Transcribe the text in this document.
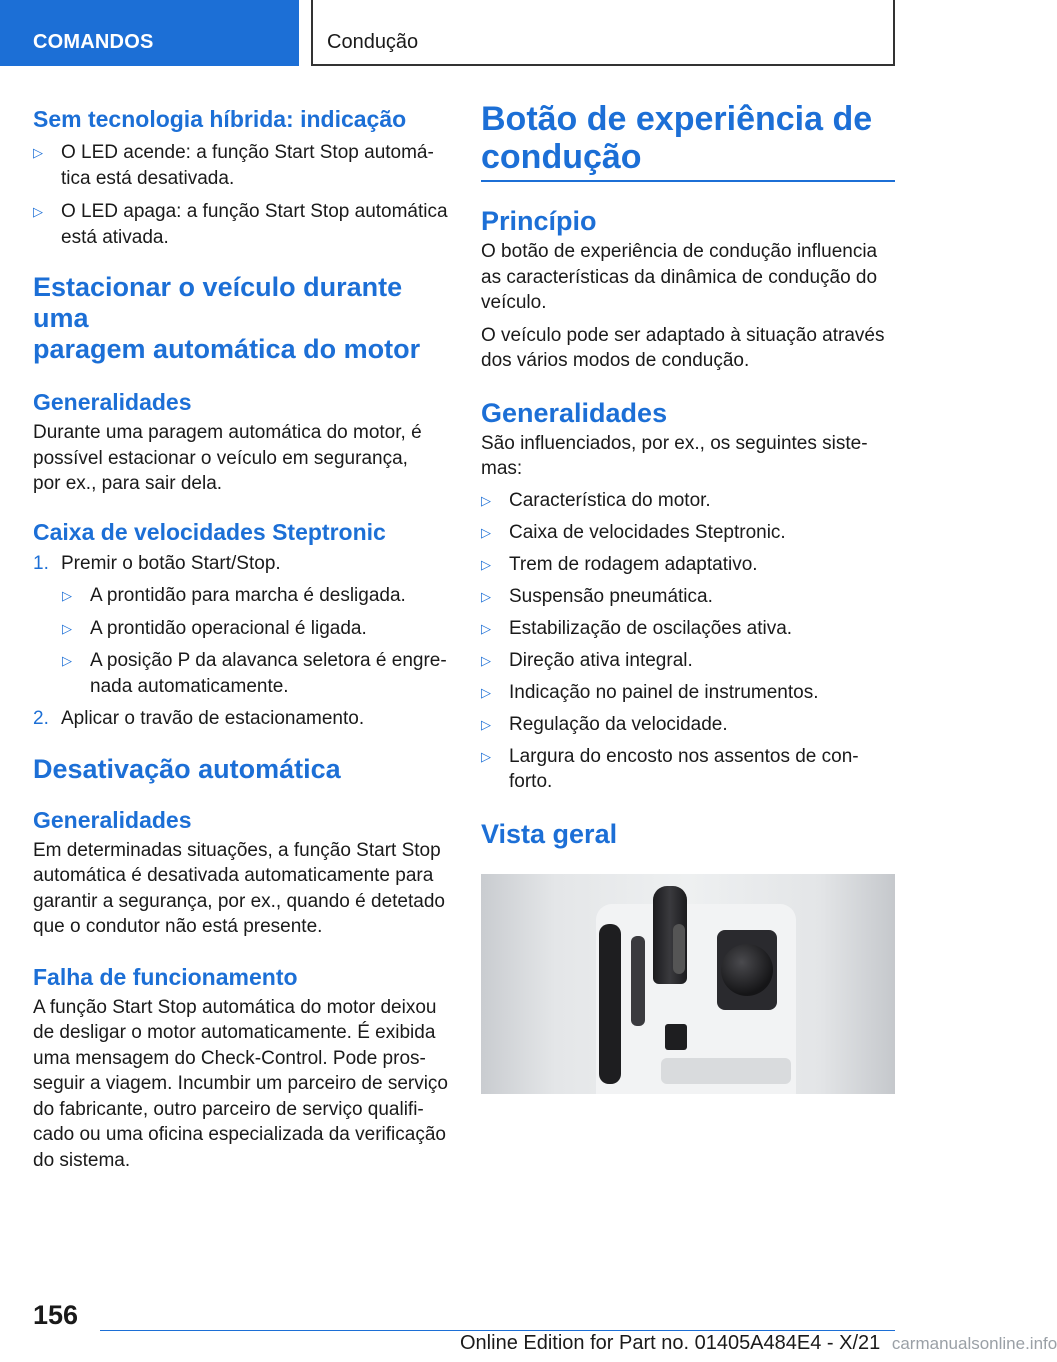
COMANDOS	Condução
Sem tecnologia híbrida: indicação
▷ O LED acende: a função Start Stop automá-
tica está desativada.
▷ O LED apaga: a função Start Stop automática
está ativada.
Estacionar o veículo durante uma
paragem automática do motor
Generalidades

Durante uma paragem automática do motor, é
possível estacionar o veículo em segurança,
por ex., para sair dela.

Caixa de velocidades Steptronic
1. Premir o botão Start/Stop.
▷ A prontidão para marcha é desligada.
▷ A prontidão operacional é ligada.
▷ A posição P da alavanca seletora é engre-
nada automaticamente.
2. Aplicar o travão de estacionamento.
Desativação automática
Generalidades

Em determinadas situações, a função Start Stop
automática é desativada automaticamente para
garantir a segurança, por ex., quando é detetado
que o condutor não está presente.

Falha de funcionamento

A função Start Stop automática do motor deixou
de desligar o motor automaticamente. É exibida
uma mensagem do Check-Control. Pode pros-
seguir a viagem. Incumbir um parceiro de serviço
do fabricante, outro parceiro de serviço qualifi-
cado ou uma oficina especializada da verificação
do sistema.

Botão de experiência de
condução
Princípio

O botão de experiência de condução influencia
as características da dinâmica de condução do
veículo.

O veículo pode ser adaptado à situação através
dos vários modos de condução.

Generalidades

São influenciados, por ex., os seguintes siste-
mas:

▷ Característica do motor.
▷ Caixa de velocidades Steptronic.
▷ Trem de rodagem adaptativo.
▷ Suspensão pneumática.
▷ Estabilização de oscilações ativa.
▷ Direção ativa integral.
▷ Indicação no painel de instrumentos.
▷ Regulação da velocidade.
▷ Largura do encosto nos assentos de con-
forto.
Vista geral
156
Online Edition for Part no. 01405A484E4 - X/21 carmanualsonline.info
